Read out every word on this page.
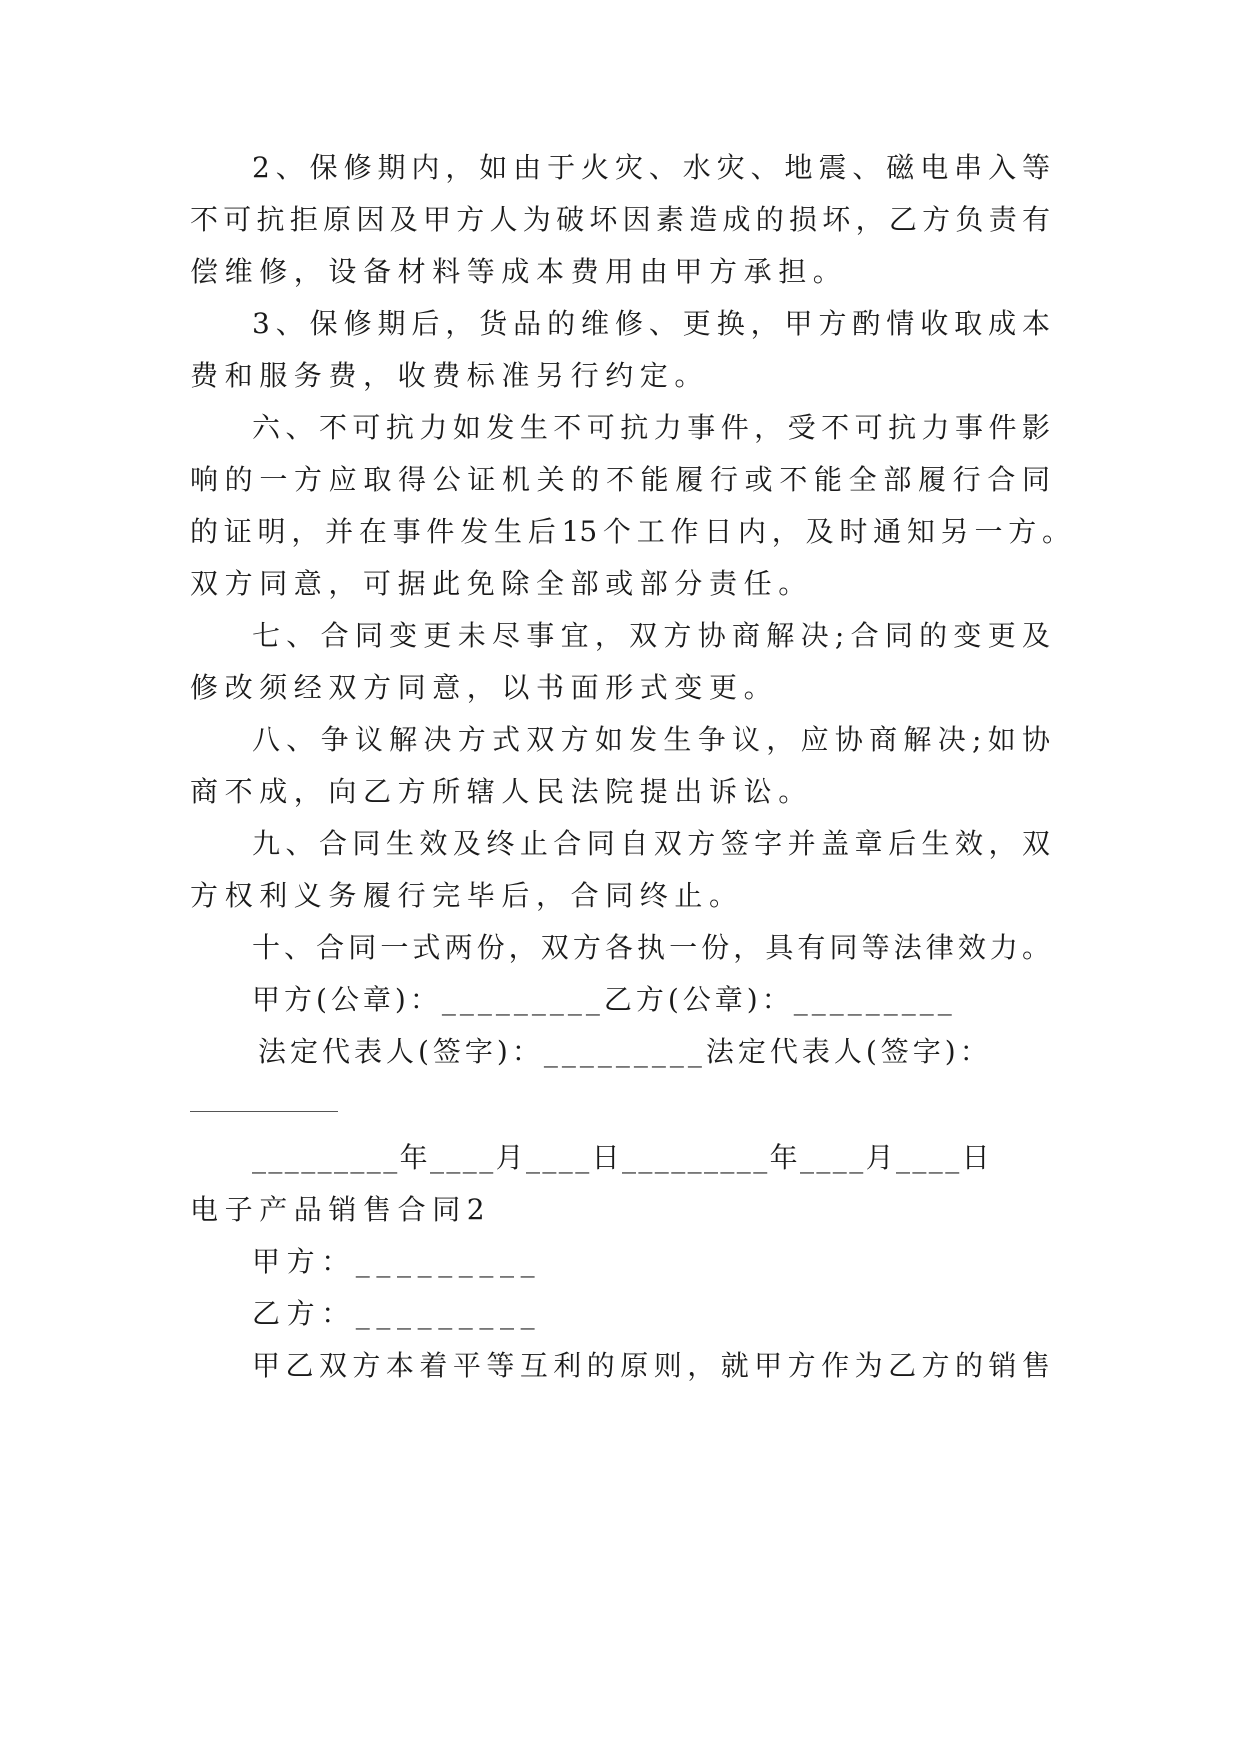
2、保修期内，如由于火灾、水灾、地震、磁电串入等
不可抗拒原因及甲方人为破坏因素造成的损坏，乙方负责有
偿维修，设备材料等成本费用由甲方承担。
3、保修期后，货品的维修、更换，甲方酌情收取成本
费和服务费，收费标准另行约定。
六、不可抗力如发生不可抗力事件，受不可抗力事件影
响的一方应取得公证机关的不能履行或不能全部履行合同
的证明，并在事件发生后15个工作日内，及时通知另一方。
双方同意，可据此免除全部或部分责任。
七、合同变更未尽事宜，双方协商解决;合同的变更及
修改须经双方同意，以书面形式变更。
八、争议解决方式双方如发生争议，应协商解决;如协
商不成，向乙方所辖人民法院提出诉讼。
九、合同生效及终止合同自双方签字并盖章后生效，双
方权利义务履行完毕后，合同终止。
十、合同一式两份，双方各执一份，具有同等法律效力。
甲方(公章)：_________乙方(公章)：_________
法定代表人(签字)：_________法定代表人(签字)：
_________年____月____日_________年____月____日
电子产品销售合同2
甲方：_________
乙方：_________
甲乙双方本着平等互利的原则，就甲方作为乙方的销售
